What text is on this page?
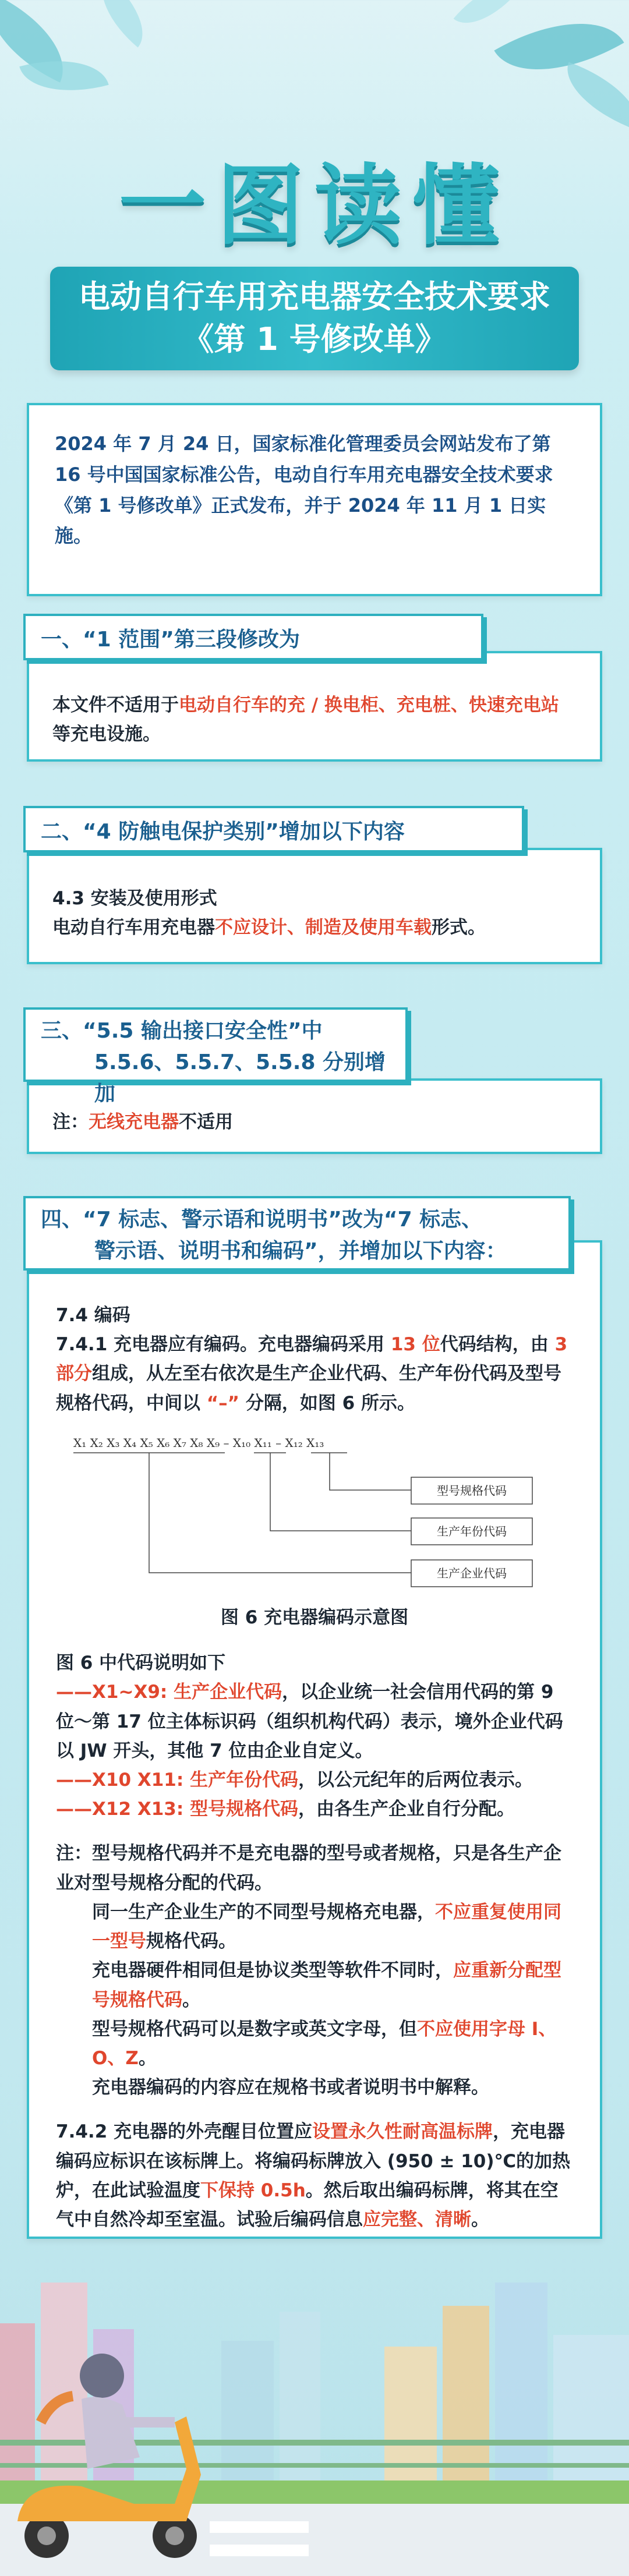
一图读懂
电动自行车用充电器安全技术要求
《第 1 号修改单》
2024 年 7 月 24 日，国家标准化管理委员会网站发布了第 16 号中国国家标准公告，电动自行车用充电器安全技术要求《第 1 号修改单》正式发布，并于 2024 年 11 月 1 日实施。
本文件不适用于电动自行车的充 / 换电柜、充电桩、快速充电站等充电设施。
一、“1 范围”第三段修改为
4.3 安装及使用形式
电动自行车用充电器不应设计、制造及使用车载形式。
二、“4 防触电保护类别”增加以下内容
注：无线充电器不适用
三、“5.5 输出接口安全性”中
5.5.6、5.5.7、5.5.8 分别增加
7.4 编码
7.4.1 充电器应有编码。充电器编码采用 13 位代码结构，由 3 部分组成，从左至右依次是生产企业代码、生产年份代码及型号规格代码，中间以 “–” 分隔，如图 6 所示。
X₁ X₂ X₃ X₄ X₅ X₆ X₇ X₈ X₉ – X₁₀ X₁₁ – X₁₂ X₁₃
型号规格代码
生产年份代码
生产企业代码
图 6 充电器编码示意图
图 6 中代码说明如下
——X1~X9: 生产企业代码，以企业统一社会信用代码的第 9 位～第 17 位主体标识码（组织机构代码）表示，境外企业代码以 JW 开头，其他 7 位由企业自定义。
——X10 X11: 生产年份代码，以公元纪年的后两位表示。
——X12 X13: 型号规格代码，由各生产企业自行分配。
注：型号规格代码并不是充电器的型号或者规格，只是各生产企业对型号规格分配的代码。
同一生产企业生产的不同型号规格充电器，不应重复使用同一型号规格代码。
充电器硬件相同但是协议类型等软件不同时，应重新分配型号规格代码。
型号规格代码可以是数字或英文字母，但不应使用字母 I、O、Z。
充电器编码的内容应在规格书或者说明书中解释。
7.4.2 充电器的外壳醒目位置应设置永久性耐高温标牌，充电器编码应标识在该标牌上。将编码标牌放入 (950 ± 10)℃的加热炉，在此试验温度下保持 0.5h。然后取出编码标牌，将其在空气中自然冷却至室温。试验后编码信息应完整、清晰。
四、“7 标志、警示语和说明书”改为“7 标志、
警示语、说明书和编码”，并增加以下内容：
